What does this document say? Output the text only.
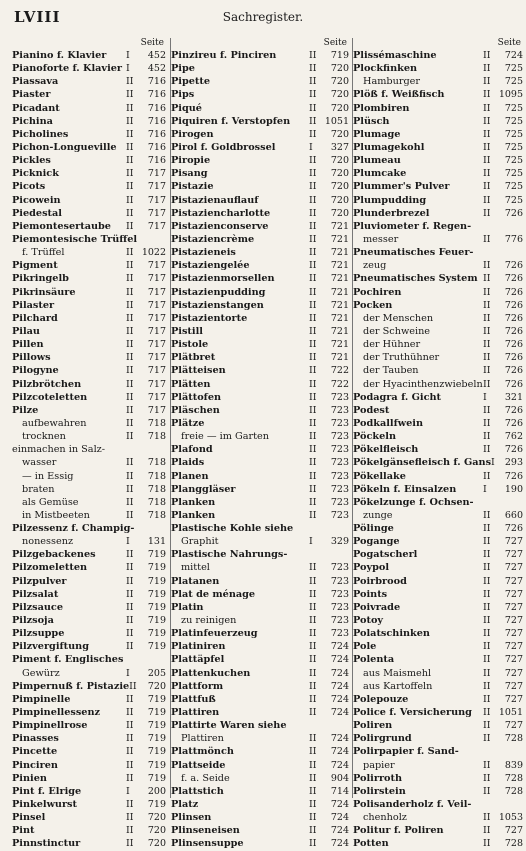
LVIII	Sachregister.
Seite
Pianino f. Klavier	I	452
Pianoforte f. Klavier I	452
Piassava	II	716
Piaster	II	716
Picadant	II	716
Pichina	II	716
Picholines	II	716
Pichon-Longueville II	716
Pickles	II	716
Picknick	II	717
Picots	II	717
Picowein	II	717
Piedestal	II	717
Piemontesertaube	II	717
Piemontesische Trüffel
f. Trüffel	II 1022
Pigment	II	717
Pikringelb	II	717
Pikrinsäure	II	717
Pilaster	II	717
Pilchard	II	717
Pilau	II	717
Pillen	II	717
Pillows	II	717
Pilogyne	II	717
Pilzbrötchen	II	717
Pilzcoteletten	II	717
Pilze	II	717
aufbewahren	II	718
trocknen	II	718
einmachen in Salz-
wasser	II	718
— in Essig	II	718
braten	II	718
als Gemüse	II	718
in Mistbeeten	II	718
Pilzessenz f. Champig-
nonessenz	I	131
Pilzgebackenes	II	719
Pilzomeletten	II	719
Pilzpulver	II	719
Pilzsalat	II	719
Pilzsauce	II	719
Pilzsoja	II	719
Pilzsuppe	II	719
Pilzvergiftung	II	719
Piment f. Englisches
Gewürz	I	205
Pimpernuß f. Pistazie II	720
Pimpinelle	II	719
Pimpinellessenz	II	719
Pimpinellrose	II	719
Pinasses	II	719
Pincette	II	719
Pinciren	II	719
Pinien	II	719
Pint f. Elrige	I	200
Pinkelwurst	II	719
Pinsel	II	720
Pint	II	720
Pinnstinctur	II	720
Seite
Pinzireu f. Pinciren	II	719
Pipe	II	720
Pipette	II	720
Pips	II	720
Piqué	II	720
Piquiren f. Verstopfen	II 1051
Pirogen	II	720
Pirol f. Goldbrossel	I	327
Piropie	II	720
Pisang	II	720
Pistazie	II	720
Pistazienauflauf	II	720
Pistaziencharlotte	II	720
Pistazienconserve	II	721
Pistaziencrème	II	721
Pistazieneis	II	721
Pistaziengelée	II	721
Pistazienmorsellen	II	721
Pistazienpudding	II	721
Pistazienstangen	II	721
Pistazientorte	II	721
Pistill	II	721
Pistole	II	721
Plätbret	II	721
Plätteisen	II	722
Plätten	II	722
Plättofen	II	723
Pläschen	II	723
Plätze	II	723
freie — im Garten	II	723
Plafond	II	723
Plaids	II	723
Planen	II	723
Planggläser	II	723
Planken	II	723
Planken	II	723
Plastische Kohle siehe
Graphit	I	329
Plastische Nahrungs-
mittel	II	723
Platanen	II	723
Plat de ménage	II	723
Platin	II	723
zu reinigen	II	723
Platinfeuerzeug	II	723
Platiniren	II	724
Plattäpfel	II	724
Plattenkuchen	II	724
Plattform	II	724
Plattfuß	II	724
Plattiren	II	724
Plattirte Waren siehe
Plattiren	II	724
Plattmönch	II	724
Plattseide	II	724
f. a. Seide	II	904
Plattstich	II	714
Platz	II	724
Plinsen	II	724
Plinseneisen	II	724
Plinsensuppe	II	724
Seite
Plissémaschine	II	724
Plockfinken	II	725
Hamburger	II	725
Plöß f. Weißfisch	II 1095
Plombiren	II	725
Plüsch	II	725
Plumage	II	725
Plumagekohl	II	725
Plumeau	II	725
Plumcake	II	725
Plummer's Pulver	II	725
Plumpudding	II	725
Plunderbrezel	II	726
Pluviometer f. Regen-
messer	II	776
Pneumatisches Feuer-
zeug	II	726
Pneumatisches System II	726
Pochiren	II	726
Pocken	II	726
der Menschen	II	726
der Schweine	II	726
der Hühner	II	726
der Truthühner	II	726
der Tauben	II	726
der Hyacinthenzwiebeln II	726
Podagra f. Gicht	I	321
Podest	II	726
Podkallfwein	II	726
Pöckeln	II	762
Pökelfleisch	II	726
Pökelgänsefleisch f. Gans I	293
Pökellake	II	726
Pökeln f. Einsalzen	I	190
Pökelzunge f. Ochsen-
zunge	II	660
Pölinge	II	726
Pogange	II	727
Pogatscherl	II	727
Poypol	II	727
Poirbrood	II	727
Points	II	727
Poivrade	II	727
Potoy	II	727
Polatschinken	II	727
Pole	II	727
Polenta	II	727
aus Maismehl	II	727
aus Kartoffeln	II	727
Polepouze	II	727
Police f. Versicherung	II 1051
Poliren	II	727
Polirgrund	II	728
Polirpapier f. Sand-
papier	II	839
Polirroth	II	728
Polirstein	II	728
Polisanderholz f. Veil-
chenholz	II 1053
Politur f. Poliren	II	727
Potten	II	728
